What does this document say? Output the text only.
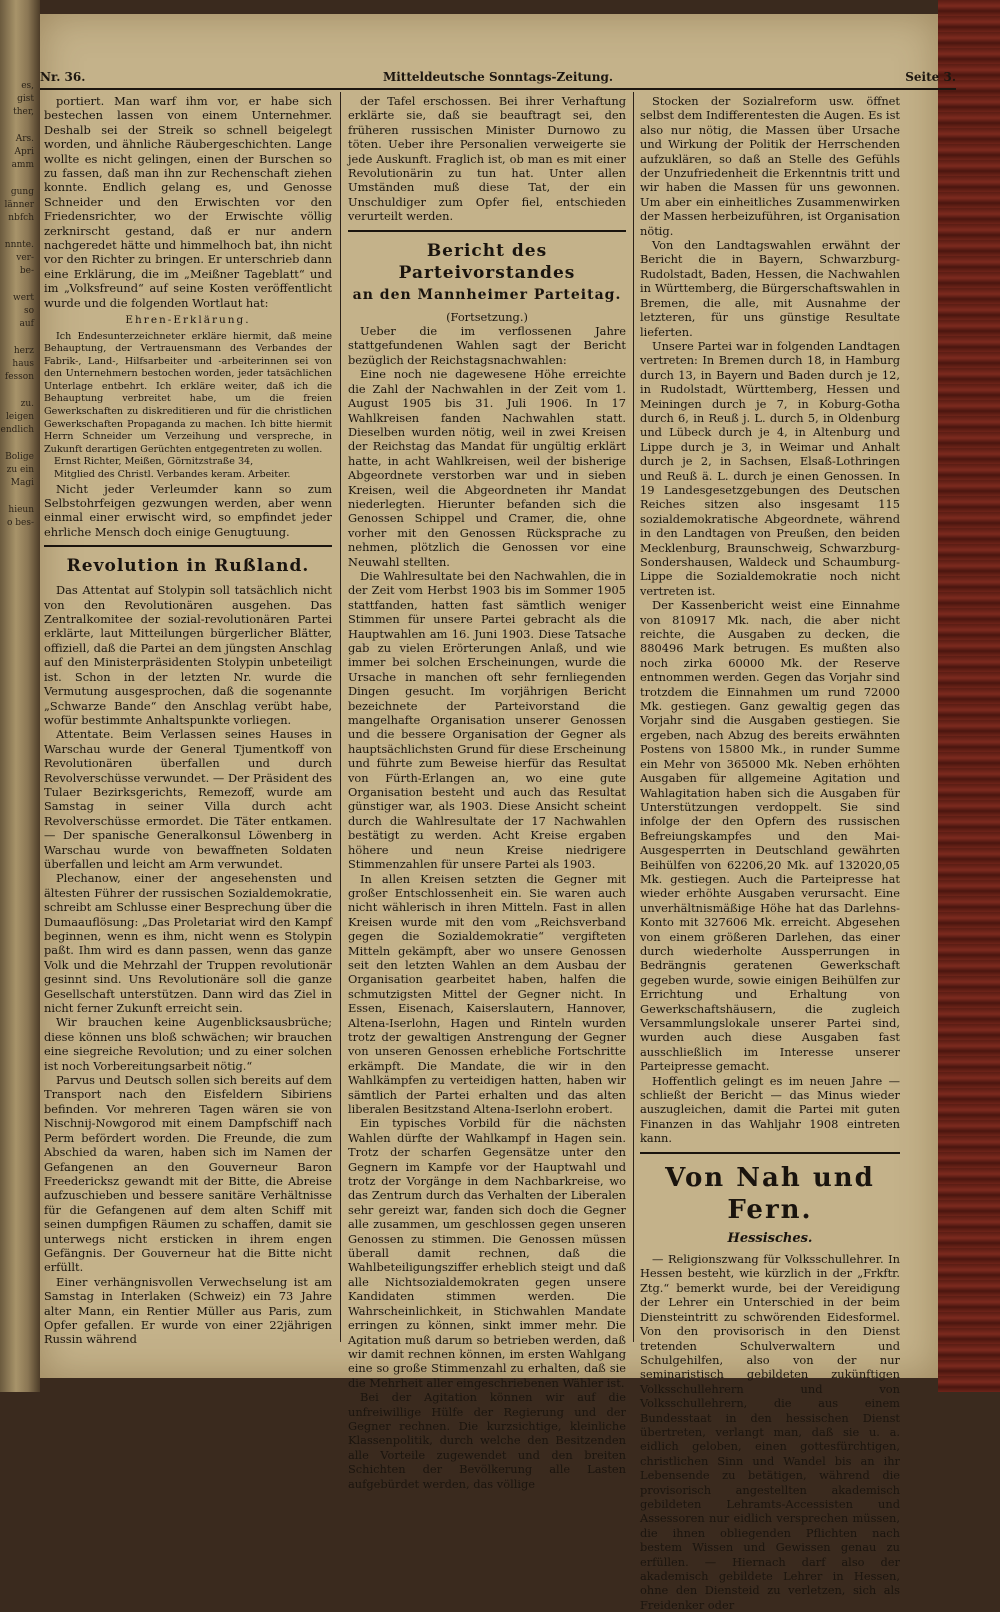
es,
gist
ther,
Ars.
Apri
amm
gung
länner
nbfch
nnnte.
ver-
be-
wert
so
auf
herz
haus
fesson
zu.
leigen
endlich
Bolige
zu ein
Magi
hieun
o bes-
Nr. 36.	Mitteldeutsche Sonntags-Zeitung.	Seite 3.

portiert. Man warf ihm vor, er habe sich bestechen lassen von einem Unternehmer. Deshalb sei der Streik so schnell beigelegt worden, und ähnliche Räubergeschichten. Lange wollte es nicht gelingen, einen der Burschen so zu fassen, daß man ihn zur Rechenschaft ziehen konnte. Endlich gelang es, und Genosse Schneider und den Erwischten vor den Friedensrichter, wo der Erwischte völlig zerknirscht gestand, daß er nur andern nachgeredet hätte und himmelhoch bat, ihn nicht vor den Richter zu bringen. Er unterschrieb dann eine Erklärung, die im „Meißner Tageblatt“ und im „Volksfreund“ auf seine Kosten veröffentlicht wurde und die folgenden Wortlaut hat:

Ehren-Erklärung.

Ich Endesunterzeichneter erkläre hiermit, daß meine Behauptung, der Vertrauensmann des Verbandes der Fabrik-, Land-, Hilfsarbeiter und -arbeiterinnen sei von den Unternehmern bestochen worden, jeder tatsächlichen Unterlage entbehrt. Ich erkläre weiter, daß ich die Behauptung verbreitet habe, um die freien Gewerkschaften zu diskreditieren und für die christlichen Gewerkschaften Propaganda zu machen. Ich bitte hiermit Herrn Schneider um Verzeihung und verspreche, in Zukunft derartigen Gerüchten entgegentreten zu wollen.

Ernst Richter, Meißen, Görnitzstraße 34,

Mitglied des Christl. Verbandes keram. Arbeiter.

Nicht jeder Verleumder kann so zum Selbstohrfeigen gezwungen werden, aber wenn einmal einer erwischt wird, so empfindet jeder ehrliche Mensch doch einige Genugtuung.

Revolution in Rußland.

Das Attentat auf Stolypin soll tatsächlich nicht von den Revolutionären ausgehen. Das Zentralkomitee der sozial-revolutionären Partei erklärte, laut Mitteilungen bürgerlicher Blätter, offiziell, daß die Partei an dem jüngsten Anschlag auf den Ministerpräsidenten Stolypin unbeteiligt ist. Schon in der letzten Nr. wurde die Vermutung ausgesprochen, daß die sogenannte „Schwarze Bande“ den Anschlag verübt habe, wofür bestimmte Anhaltspunkte vorliegen.

Attentate. Beim Verlassen seines Hauses in Warschau wurde der General Tjumentkoff von Revolutionären überfallen und durch Revolverschüsse verwundet. — Der Präsident des Tulaer Bezirksgerichts, Remezoff, wurde am Samstag in seiner Villa durch acht Revolverschüsse ermordet. Die Täter entkamen. — Der spanische Generalkonsul Löwenberg in Warschau wurde von bewaffneten Soldaten überfallen und leicht am Arm verwundet.

Plechanow, einer der angesehensten und ältesten Führer der russischen Sozialdemokratie, schreibt am Schlusse einer Besprechung über die Dumaauflösung: „Das Proletariat wird den Kampf beginnen, wenn es ihm, nicht wenn es Stolypin paßt. Ihm wird es dann passen, wenn das ganze Volk und die Mehrzahl der Truppen revolutionär gesinnt sind. Uns Revolutionäre soll die ganze Gesellschaft unterstützen. Dann wird das Ziel in nicht ferner Zukunft erreicht sein.

Wir brauchen keine Augenblicksausbrüche; diese können uns bloß schwächen; wir brauchen eine siegreiche Revolution; und zu einer solchen ist noch Vorbereitungsarbeit nötig.“

Parvus und Deutsch sollen sich bereits auf dem Transport nach den Eisfeldern Sibiriens befinden. Vor mehreren Tagen wären sie von Nischnij-Nowgorod mit einem Dampfschiff nach Perm befördert worden. Die Freunde, die zum Abschied da waren, haben sich im Namen der Gefangenen an den Gouverneur Baron Freedericksz gewandt mit der Bitte, die Abreise aufzuschieben und bessere sanitäre Verhältnisse für die Gefangenen auf dem alten Schiff mit seinen dumpfigen Räumen zu schaffen, damit sie unterwegs nicht ersticken in ihrem engen Gefängnis. Der Gouverneur hat die Bitte nicht erfüllt.

Einer verhängnisvollen Verwechselung ist am Samstag in Interlaken (Schweiz) ein 73 Jahre alter Mann, ein Rentier Müller aus Paris, zum Opfer gefallen. Er wurde von einer 22jährigen Russin während

der Tafel erschossen. Bei ihrer Verhaftung erklärte sie, daß sie beauftragt sei, den früheren russischen Minister Durnowo zu töten. Ueber ihre Personalien verweigerte sie jede Auskunft. Fraglich ist, ob man es mit einer Revolutionärin zu tun hat. Unter allen Umständen muß diese Tat, der ein Unschuldiger zum Opfer fiel, entschieden verurteilt werden.

Bericht des Parteivorstandes

an den Mannheimer Parteitag.

(Fortsetzung.)

Ueber die im verflossenen Jahre stattgefundenen Wahlen sagt der Bericht bezüglich der Reichstagsnachwahlen:

Eine noch nie dagewesene Höhe erreichte die Zahl der Nachwahlen in der Zeit vom 1. August 1905 bis 31. Juli 1906. In 17 Wahlkreisen fanden Nachwahlen statt. Dieselben wurden nötig, weil in zwei Kreisen der Reichstag das Mandat für ungültig erklärt hatte, in acht Wahlkreisen, weil der bisherige Abgeordnete verstorben war und in sieben Kreisen, weil die Abgeordneten ihr Mandat niederlegten. Hierunter befanden sich die Genossen Schippel und Cramer, die, ohne vorher mit den Genossen Rücksprache zu nehmen, plötzlich die Genossen vor eine Neuwahl stellten.

Die Wahlresultate bei den Nachwahlen, die in der Zeit vom Herbst 1903 bis im Sommer 1905 stattfanden, hatten fast sämtlich weniger Stimmen für unsere Partei gebracht als die Hauptwahlen am 16. Juni 1903. Diese Tatsache gab zu vielen Erörterungen Anlaß, und wie immer bei solchen Erscheinungen, wurde die Ursache in manchen oft sehr fernliegenden Dingen gesucht. Im vorjährigen Bericht bezeichnete der Parteivorstand die mangelhafte Organisation unserer Genossen und die bessere Organisation der Gegner als hauptsächlichsten Grund für diese Erscheinung und führte zum Beweise hierfür das Resultat von Fürth-Erlangen an, wo eine gute Organisation besteht und auch das Resultat günstiger war, als 1903. Diese Ansicht scheint durch die Wahlresultate der 17 Nachwahlen bestätigt zu werden. Acht Kreise ergaben höhere und neun Kreise niedrigere Stimmenzahlen für unsere Partei als 1903.

In allen Kreisen setzten die Gegner mit großer Entschlossenheit ein. Sie waren auch nicht wählerisch in ihren Mitteln. Fast in allen Kreisen wurde mit den vom „Reichsverband gegen die Sozialdemokratie“ vergifteten Mitteln gekämpft, aber wo unsere Genossen seit den letzten Wahlen an dem Ausbau der Organisation gearbeitet haben, halfen die schmutzigsten Mittel der Gegner nicht. In Essen, Eisenach, Kaiserslautern, Hannover, Altena-Iserlohn, Hagen und Rinteln wurden trotz der gewaltigen Anstrengung der Gegner von unseren Genossen erhebliche Fortschritte erkämpft. Die Mandate, die wir in den Wahlkämpfen zu verteidigen hatten, haben wir sämtlich der Partei erhalten und das alten liberalen Besitzstand Altena-Iserlohn erobert.

Ein typisches Vorbild für die nächsten Wahlen dürfte der Wahlkampf in Hagen sein. Trotz der scharfen Gegensätze unter den Gegnern im Kampfe vor der Hauptwahl und trotz der Vorgänge in dem Nachbarkreise, wo das Zentrum durch das Verhalten der Liberalen sehr gereizt war, fanden sich doch die Gegner alle zusammen, um geschlossen gegen unseren Genossen zu stimmen. Die Genossen müssen überall damit rechnen, daß die Wahlbeteiligungsziffer erheblich steigt und daß alle Nichtsozialdemokraten gegen unsere Kandidaten stimmen werden. Die Wahrscheinlichkeit, in Stichwahlen Mandate erringen zu können, sinkt immer mehr. Die Agitation muß darum so betrieben werden, daß wir damit rechnen können, im ersten Wahlgang eine so große Stimmenzahl zu erhalten, daß sie die Mehrheit aller eingeschriebenen Wähler ist.

Bei der Agitation können wir auf die unfreiwillige Hülfe der Regierung und der Gegner rechnen. Die kurzsichtige, kleinliche Klassenpolitik, durch welche den Besitzenden alle Vorteile zugewendet und den breiten Schichten der Bevölkerung alle Lasten aufgebürdet werden, das völlige

Stocken der Sozialreform usw. öffnet selbst dem Indifferentesten die Augen. Es ist also nur nötig, die Massen über Ursache und Wirkung der Politik der Herrschenden aufzuklären, so daß an Stelle des Gefühls der Unzufriedenheit die Erkenntnis tritt und wir haben die Massen für uns gewonnen. Um aber ein einheitliches Zusammenwirken der Massen herbeizuführen, ist Organisation nötig.

Von den Landtagswahlen erwähnt der Bericht die in Bayern, Schwarzburg-Rudolstadt, Baden, Hessen, die Nachwahlen in Württemberg, die Bürgerschaftswahlen in Bremen, die alle, mit Ausnahme der letzteren, für uns günstige Resultate lieferten.

Unsere Partei war in folgenden Landtagen vertreten: In Bremen durch 18, in Hamburg durch 13, in Bayern und Baden durch je 12, in Rudolstadt, Württemberg, Hessen und Meiningen durch je 7, in Koburg-Gotha durch 6, in Reuß j. L. durch 5, in Oldenburg und Lübeck durch je 4, in Altenburg und Lippe durch je 3, in Weimar und Anhalt durch je 2, in Sachsen, Elsaß-Lothringen und Reuß ä. L. durch je einen Genossen. In 19 Landesgesetzgebungen des Deutschen Reiches sitzen also insgesamt 115 sozialdemokratische Abgeordnete, während in den Landtagen von Preußen, den beiden Mecklenburg, Braunschweig, Schwarzburg-Sondershausen, Waldeck und Schaumburg-Lippe die Sozialdemokratie noch nicht vertreten ist.

Der Kassenbericht weist eine Einnahme von 810917 Mk. nach, die aber nicht reichte, die Ausgaben zu decken, die 880496 Mark betrugen. Es mußten also noch zirka 60000 Mk. der Reserve entnommen werden. Gegen das Vorjahr sind trotzdem die Einnahmen um rund 72000 Mk. gestiegen. Ganz gewaltig gegen das Vorjahr sind die Ausgaben gestiegen. Sie ergeben, nach Abzug des bereits erwähnten Postens von 15800 Mk., in runder Summe ein Mehr von 365000 Mk. Neben erhöhten Ausgaben für allgemeine Agitation und Wahlagitation haben sich die Ausgaben für Unterstützungen verdoppelt. Sie sind infolge der den Opfern des russischen Befreiungskampfes und den Mai-Ausgesperrten in Deutschland gewährten Beihülfen von 62206,20 Mk. auf 132020,05 Mk. gestiegen. Auch die Parteipresse hat wieder erhöhte Ausgaben verursacht. Eine unverhältnismäßige Höhe hat das Darlehns-Konto mit 327606 Mk. erreicht. Abgesehen von einem größeren Darlehen, das einer durch wiederholte Aussperrungen in Bedrängnis geratenen Gewerkschaft gegeben wurde, sowie einigen Beihülfen zur Errichtung und Erhaltung von Gewerkschaftshäusern, die zugleich Versammlungslokale unserer Partei sind, wurden auch diese Ausgaben fast ausschließlich im Interesse unserer Parteipresse gemacht.

Hoffentlich gelingt es im neuen Jahre — schließt der Bericht — das Minus wieder auszugleichen, damit die Partei mit guten Finanzen in das Wahljahr 1908 eintreten kann.

Von Nah und Fern.

Hessisches.

— Religionszwang für Volksschullehrer. In Hessen besteht, wie kürzlich in der „Frkftr. Ztg.“ bemerkt wurde, bei der Vereidigung der Lehrer ein Unterschied in der beim Diensteintritt zu schwörenden Eidesformel. Von den provisorisch in den Dienst tretenden Schulverwaltern und Schulgehilfen, also von der nur seminaristisch gebildeten zukünftigen Volksschullehrern und von Volksschullehrern, die aus einem Bundesstaat in den hessischen Dienst übertreten, verlangt man, daß sie u. a. eidlich geloben, einen gottesfürchtigen, christlichen Sinn und Wandel bis an ihr Lebensende zu betätigen, während die provisorisch angestellten akademisch gebildeten Lehramts-Accessisten und Assessoren nur eidlich versprechen müssen, die ihnen obliegenden Pflichten nach bestem Wissen und Gewissen genau zu erfüllen. — Hiernach darf also der akademisch gebildete Lehrer in Hessen, ohne den Diensteid zu verletzen, sich als Freidenker oder
